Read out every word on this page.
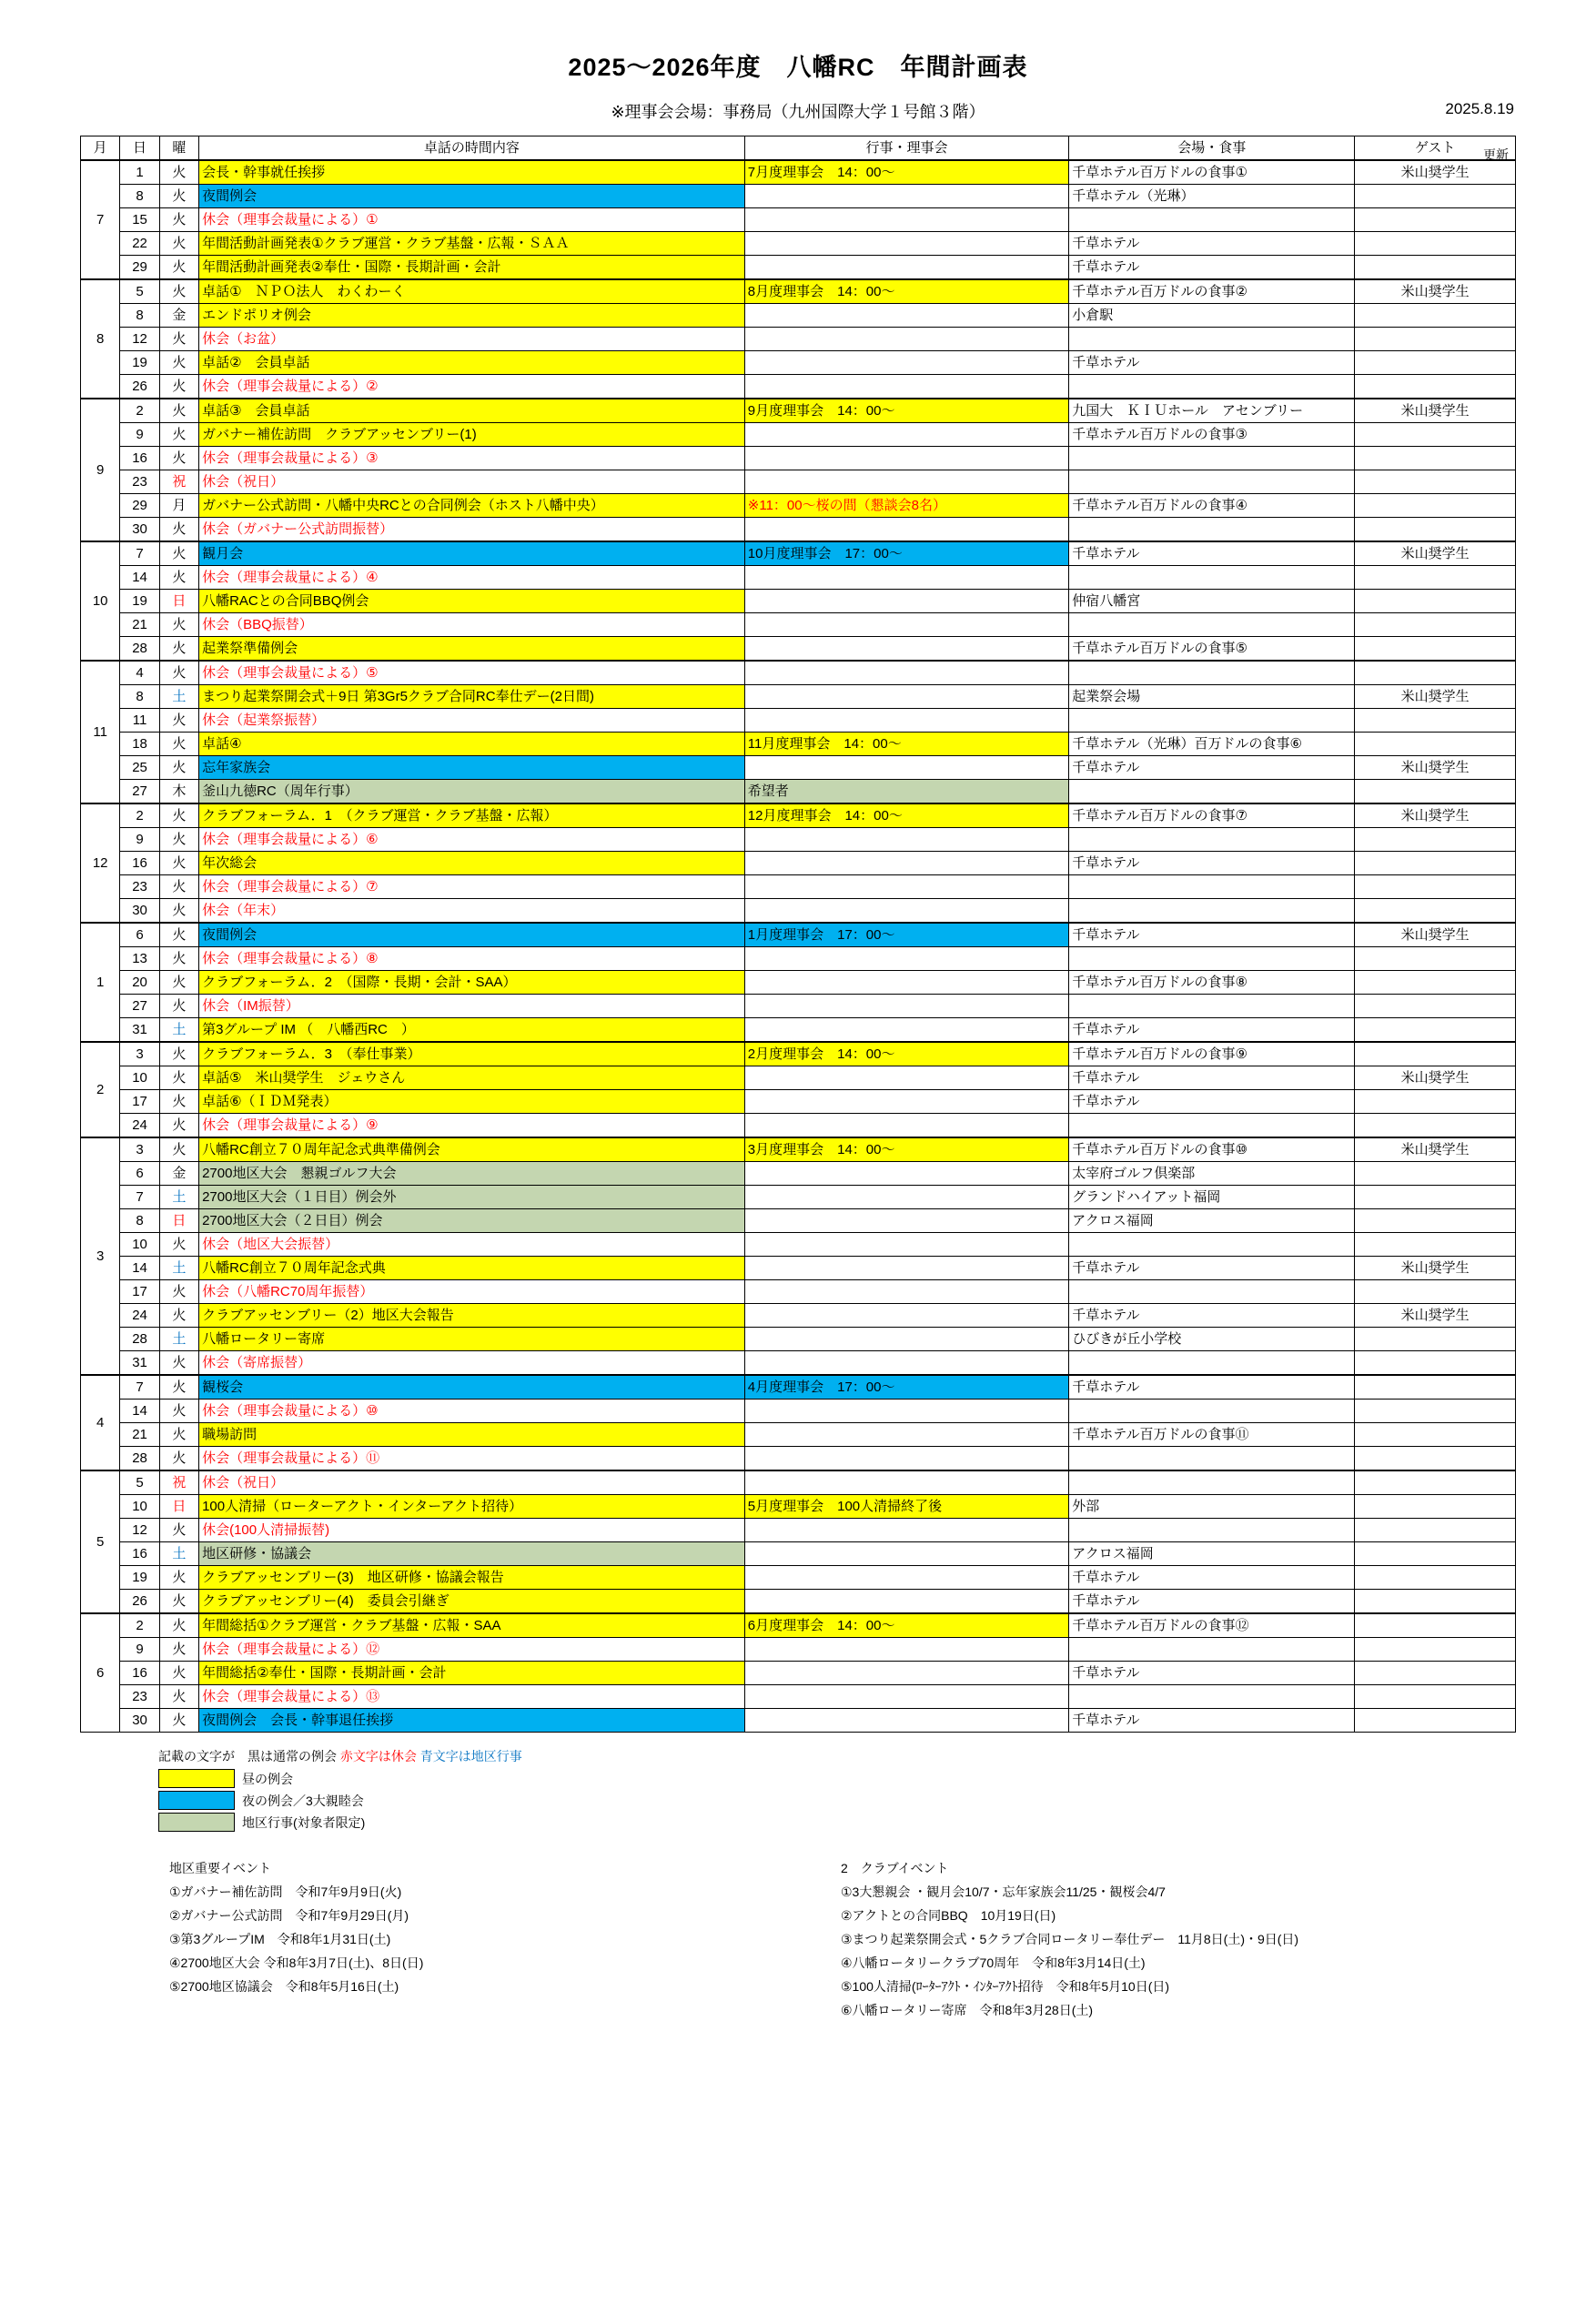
2025〜2026年度　八幡RC　年間計画表
2025.8.19
更新
※理事会会場：事務局（九州国際大学１号館３階）
月	日	曜	卓話の時間内容	行事・理事会	会場・食事	ゲスト
7	1	火	会長・幹事就任挨拶	7月度理事会　14：00〜	千草ホテル百万ドルの食事①	米山奨学生
	8	火	夜間例会		千草ホテル（光琳）	
	15	火	休会（理事会裁量による）①			
	22	火	年間活動計画発表①クラブ運営・クラブ基盤・広報・ＳＡＡ		千草ホテル	
	29	火	年間活動計画発表②奉仕・国際・長期計画・会計		千草ホテル	
8	5	火	卓話①　ＮＰＯ法人　わくわーく	8月度理事会　14：00〜	千草ホテル百万ドルの食事②	米山奨学生
	8	金	エンドポリオ例会		小倉駅	
	12	火	休会（お盆）			
	19	火	卓話②　会員卓話		千草ホテル	
	26	火	休会（理事会裁量による）②			
9	2	火	卓話③　会員卓話	9月度理事会　14：00〜	九国大　ＫＩＵホール　アセンブリー	米山奨学生
	9	火	ガバナー補佐訪問　クラブアッセンブリー(1)		千草ホテル百万ドルの食事③	
	16	火	休会（理事会裁量による）③			
	23	祝	休会（祝日）			
	29	月	ガバナー公式訪問・八幡中央RCとの合同例会（ホスト八幡中央）	※11：00〜桜の間（懇談会8名）	千草ホテル百万ドルの食事④	
	30	火	休会（ガバナー公式訪問振替）			
10	7	火	観月会	10月度理事会　17：00〜	千草ホテル	米山奨学生
	14	火	休会（理事会裁量による）④			
	19	日	八幡RACとの合同BBQ例会		仲宿八幡宮	
	21	火	休会（BBQ振替）			
	28	火	起業祭準備例会		千草ホテル百万ドルの食事⑤	
11	4	火	休会（理事会裁量による）⑤			
	8	土	まつり起業祭開会式＋9日 第3Gr5クラブ合同RC奉仕デー(2日間)		起業祭会場	米山奨学生
	11	火	休会（起業祭振替）			
	18	火	卓話④	11月度理事会　14：00〜	千草ホテル（光琳）百万ドルの食事⑥	
	25	火	忘年家族会		千草ホテル	米山奨学生
	27	木	釜山九徳RC（周年行事）	希望者		
12	2	火	クラブフォーラム．1　（クラブ運営・クラブ基盤・広報）	12月度理事会　14：00〜	千草ホテル百万ドルの食事⑦	米山奨学生
	9	火	休会（理事会裁量による）⑥			
	16	火	年次総会		千草ホテル	
	23	火	休会（理事会裁量による）⑦			
	30	火	休会（年末）			
1	6	火	夜間例会	1月度理事会　17：00〜	千草ホテル	米山奨学生
	13	火	休会（理事会裁量による）⑧			
	20	火	クラブフォーラム．2　（国際・長期・会計・SAA）		千草ホテル百万ドルの食事⑧	
	27	火	休会（IM振替）			
	31	土	第3グループ IM （　八幡西RC　）		千草ホテル	
2	3	火	クラブフォーラム．3　（奉仕事業）	2月度理事会　14：00〜	千草ホテル百万ドルの食事⑨	
	10	火	卓話⑤　米山奨学生　ジェウさん		千草ホテル	米山奨学生
	17	火	卓話⑥（ＩＤＭ発表）		千草ホテル	
	24	火	休会（理事会裁量による）⑨			
3	3	火	八幡RC創立７０周年記念式典準備例会	3月度理事会　14：00〜	千草ホテル百万ドルの食事⑩	米山奨学生
	6	金	2700地区大会　懇親ゴルフ大会		太宰府ゴルフ倶楽部	
	7	土	2700地区大会（１日目）例会外		グランドハイアット福岡	
	8	日	2700地区大会（２日目）例会		アクロス福岡	
	10	火	休会（地区大会振替）			
	14	土	八幡RC創立７０周年記念式典		千草ホテル	米山奨学生
	17	火	休会（八幡RC70周年振替）			
	24	火	クラブアッセンブリー（2）地区大会報告		千草ホテル	米山奨学生
	28	土	八幡ロータリー寄席		ひびきが丘小学校	
	31	火	休会（寄席振替）			
4	7	火	観桜会	4月度理事会　17：00〜	千草ホテル	
	14	火	休会（理事会裁量による）⑩			
	21	火	職場訪問		千草ホテル百万ドルの食事⑪	
	28	火	休会（理事会裁量による）⑪			
5	5	祝	休会（祝日）			
	10	日	100人清掃（ローターアクト・インターアクト招待）	5月度理事会　100人清掃終了後	外部	
	12	火	休会(100人清掃振替)			
	16	土	地区研修・協議会		アクロス福岡	
	19	火	クラブアッセンブリー(3)　地区研修・協議会報告		千草ホテル	
	26	火	クラブアッセンブリー(4)　委員会引継ぎ		千草ホテル	
6	2	火	年間総括①クラブ運営・クラブ基盤・広報・SAA	6月度理事会　14：00〜	千草ホテル百万ドルの食事⑫	
	9	火	休会（理事会裁量による）⑫			
	16	火	年間総括②奉仕・国際・長期計画・会計		千草ホテル	
	23	火	休会（理事会裁量による）⑬			
	30	火	夜間例会　会長・幹事退任挨拶		千草ホテル	
記載の文字が　黒は通常の例会 赤文字は休会 青文字は地区行事
昼の例会
夜の例会／3大親睦会
地区行事(対象者限定)
地区重要イベント
①ガバナー補佐訪問　令和7年9月9日(火)
②ガバナー公式訪問　令和7年9月29日(月)
③第3グループIM　令和8年1月31日(土)
④2700地区大会 令和8年3月7日(土)、8日(日)
⑤2700地区協議会　令和8年5月16日(土)
2　クラブイベント
①3大懇親会 ・観月会10/7・忘年家族会11/25・観桜会4/7
②アクトとの合同BBQ　10月19日(日)
③まつり起業祭開会式・5クラブ合同ロータリー奉仕デー　11月8日(土)・9日(日)
④八幡ロータリークラブ70周年　令和8年3月14日(土)
⑤100人清掃(ﾛｰﾀｰｱｸﾄ・ｲﾝﾀｰｱｸﾄ招待　令和8年5月10日(日)
⑥八幡ロータリー寄席　令和8年3月28日(土)
